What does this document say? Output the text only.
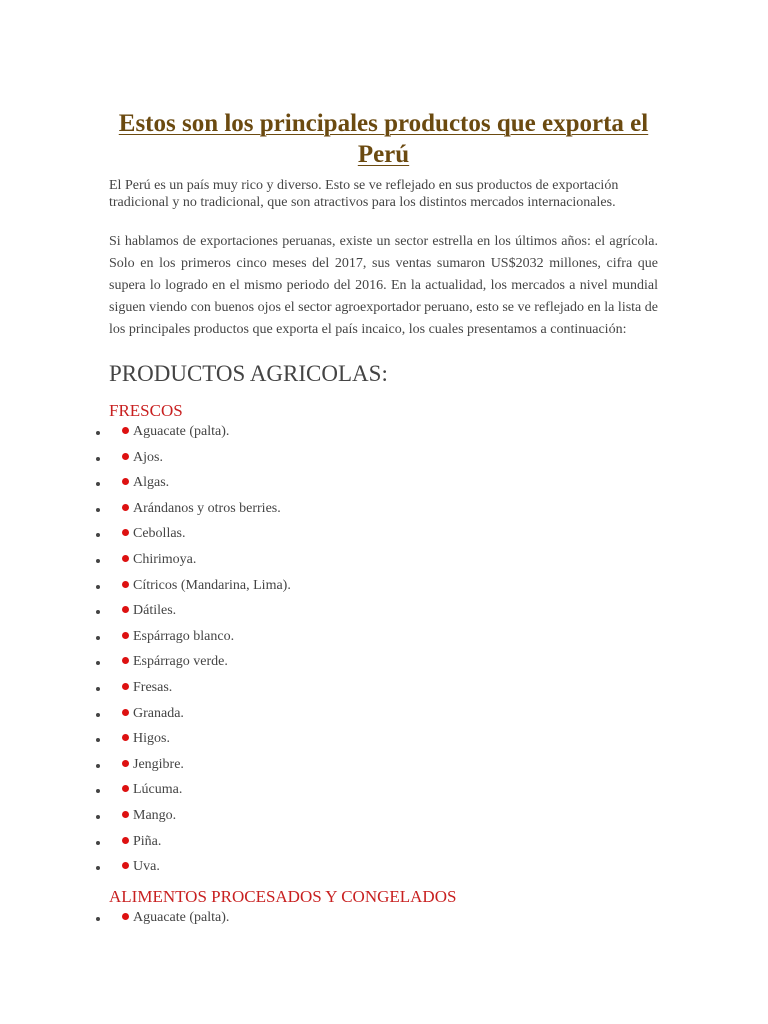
Estos son los principales productos que exporta el Perú

El Perú es un país muy rico y diverso. Esto se ve reflejado en sus productos de exportación tradicional y no tradicional, que son atractivos para los distintos mercados internacionales.

Si hablamos de exportaciones peruanas, existe un sector estrella en los últimos años: el agrícola. Solo en los primeros cinco meses del 2017, sus ventas sumaron US$2032 millones, cifra que supera lo logrado en el mismo periodo del 2016. En la actualidad, los mercados a nivel mundial siguen viendo con buenos ojos el sector agroexportador peruano, esto se ve reflejado en la lista de los principales productos que exporta el país incaico, los cuales presentamos a continuación:

PRODUCTOS AGRICOLAS:
FRESCOS
Aguacate (palta).
Ajos.
Algas.
Arándanos y otros berries.
Cebollas.
Chirimoya.
Cítricos (Mandarina, Lima).
Dátiles.
Espárrago blanco.
Espárrago verde.
Fresas.
Granada.
Higos.
Jengibre.
Lúcuma.
Mango.
Piña.
Uva.
ALIMENTOS PROCESADOS Y CONGELADOS
Aguacate (palta).
